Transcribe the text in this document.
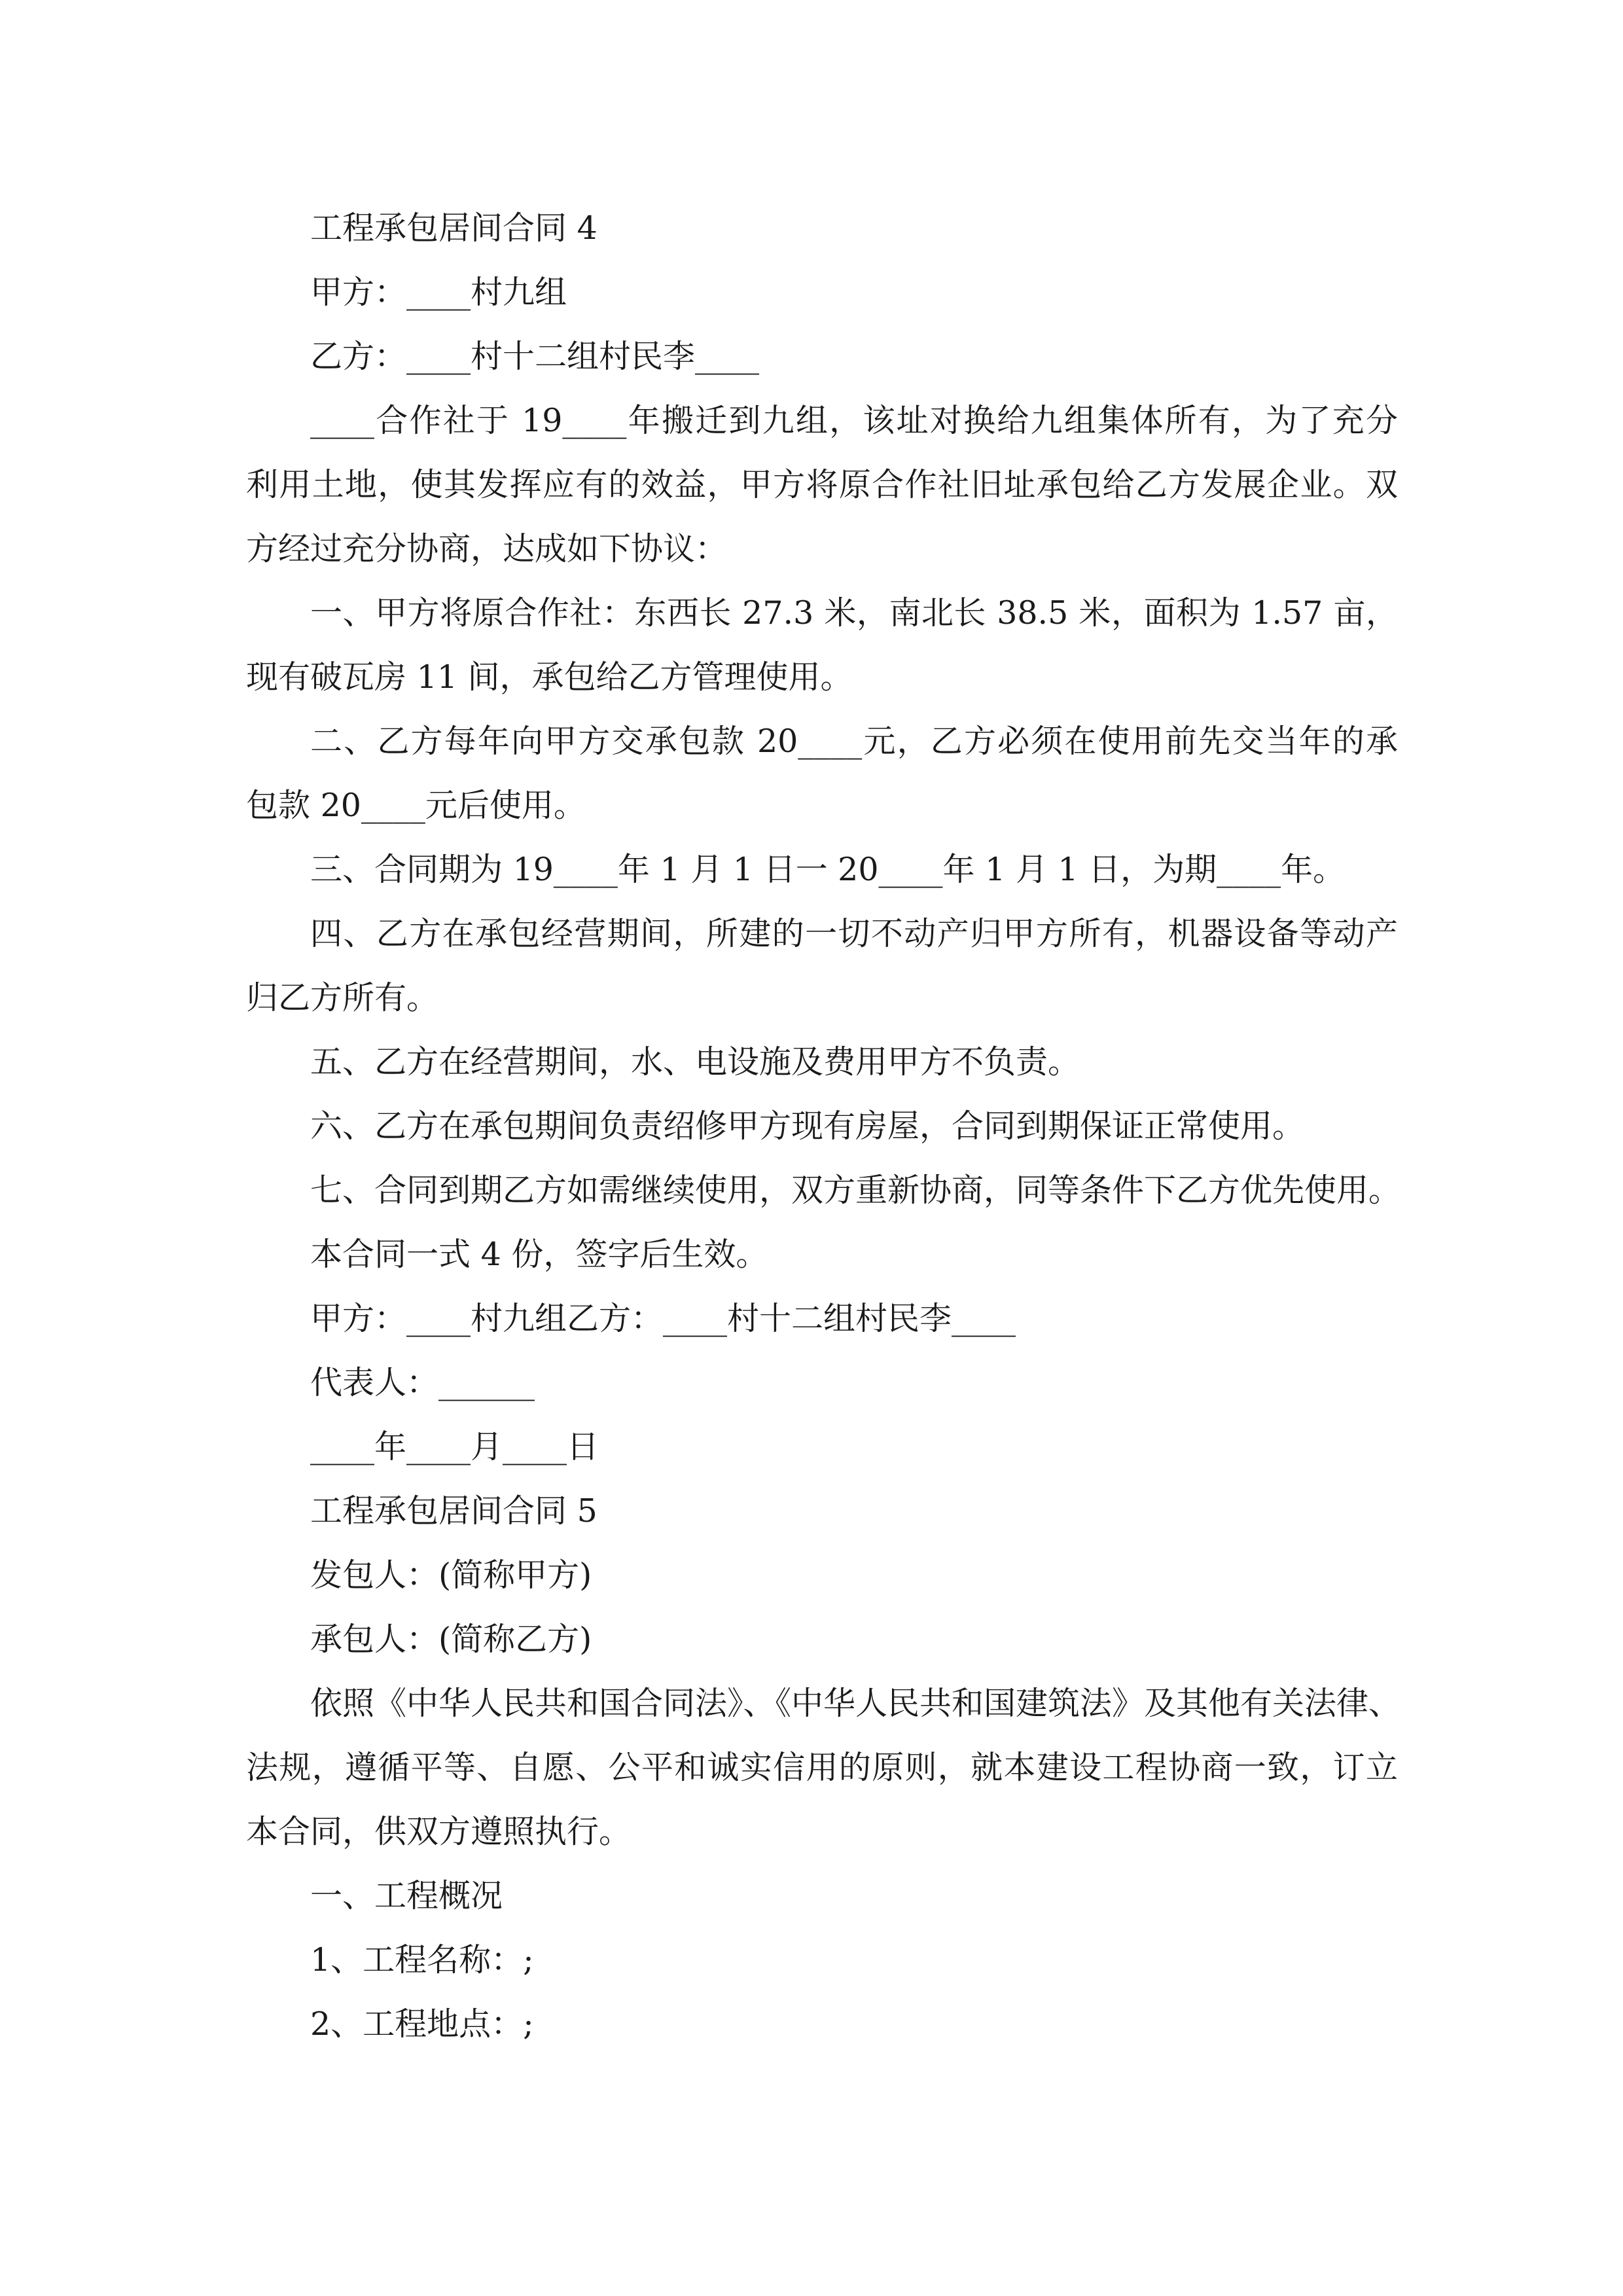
工程承包居间合同 4
甲方：____村九组
乙方：____村十二组村民李____
____合作社于 19____年搬迁到九组，该址对换给九组集体所有，为了充分
利用土地，使其发挥应有的效益，甲方将原合作社旧址承包给乙方发展企业。双
方经过充分协商，达成如下协议：
一、甲方将原合作社：东西长 27.3 米，南北长 38.5 米，面积为 1.57 亩，
现有破瓦房 11 间，承包给乙方管理使用。
二、乙方每年向甲方交承包款 20____元，乙方必须在使用前先交当年的承
包款 20____元后使用。
三、合同期为 19____年 1 月 1 日一 20____年 1 月 1 日，为期____年。
四、乙方在承包经营期间，所建的一切不动产归甲方所有，机器设备等动产
归乙方所有。
五、乙方在经营期间，水、电设施及费用甲方不负责。
六、乙方在承包期间负责绍修甲方现有房屋，合同到期保证正常使用。
七、合同到期乙方如需继续使用，双方重新协商，同等条件下乙方优先使用。
本合同一式 4 份，签字后生效。
甲方：____村九组乙方：____村十二组村民李____
代表人：______
____年____月____日
工程承包居间合同 5
发包人：(简称甲方)
承包人：(简称乙方)
依照《中华人民共和国合同法》、《中华人民共和国建筑法》及其他有关法律、
法规，遵循平等、自愿、公平和诚实信用的原则，就本建设工程协商一致，订立
本合同，供双方遵照执行。
一、工程概况
1、工程名称：;
2、工程地点：;
